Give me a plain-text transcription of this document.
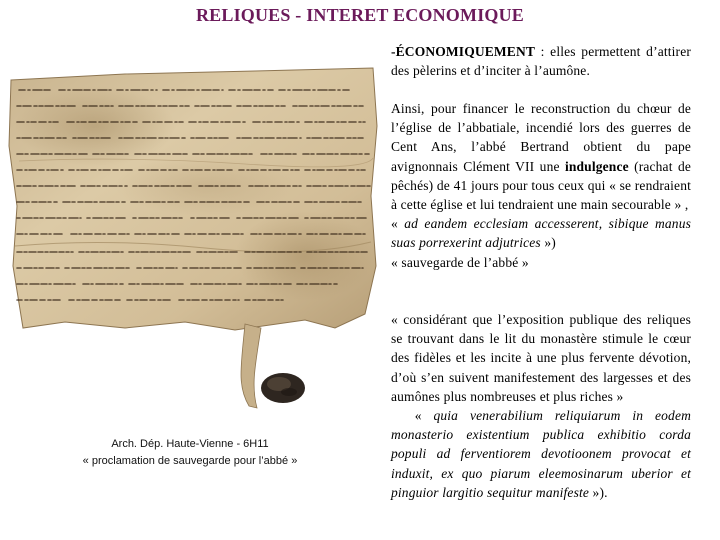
RELIQUES - INTERET ECONOMIQUE
Arch. Dép. Haute-Vienne - 6H11
« proclamation de sauvegarde pour l’abbé »

-ÉCONOMIQUEMENT : elles permettent d’attirer des pèlerins et d’inciter à l’aumône.

Ainsi, pour financer le reconstruction du chœur de l’église de l’abbatiale, incendié lors des guerres de Cent Ans, l’abbé Bertrand obtient du pape avignonnais Clément VII une indulgence (rachat de pêchés) de 41 jours pour tous ceux qui « se rendraient à cette église et lui tendraient une main secourable » ,
« ad eandem ecclesiam accesserent, sibique manus suas porrexerint adjutrices »)
« sauvegarde de l’abbé »

« considérant que l’exposition publique des reliques se trouvant dans le lit du monastère stimule le cœur des fidèles et les incite à une plus fervente dévotion, d’où s’en suivent manifestement des largesses et des aumônes plus nombreuses et plus riches »
« quia venerabilium reliquiarum in eodem monasterio existentium publica exhibitio corda populi ad ferventiorem devotioonem provocat et induxit, ex quo piarum eleemosinarum uberior et pinguior largitio sequitur manifeste »).
